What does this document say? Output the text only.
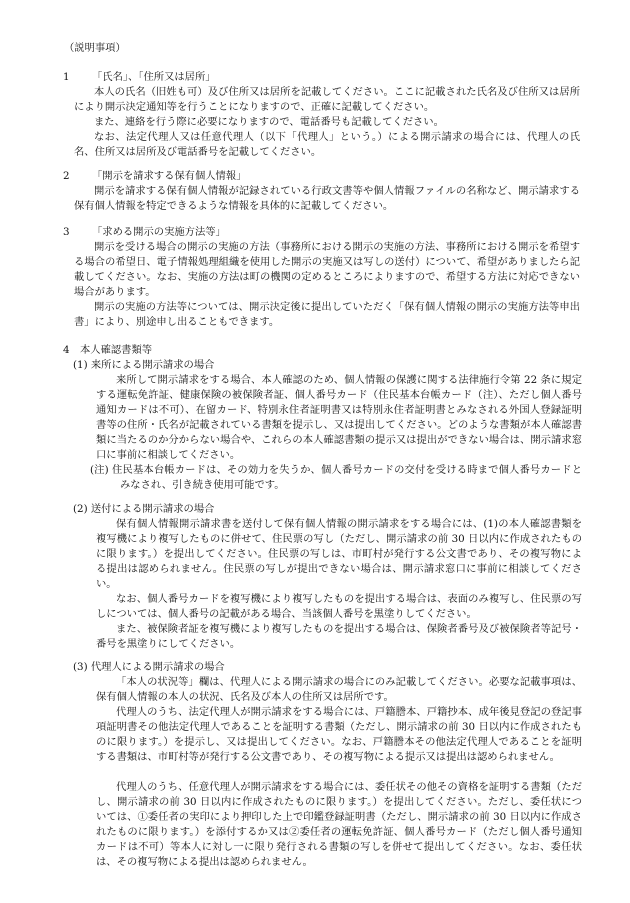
（説明事項）
1 「氏名」、「住所又は居所」
本人の氏名（旧姓も可）及び住所又は居所を記載してください。ここに記載された氏名及び住所又は居所により開示決定通知等を行うことになりますので、正確に記載してください。
また、連絡を行う際に必要になりますので、電話番号も記載してください。
なお、法定代理人又は任意代理人（以下「代理人」という。）による開示請求の場合には、代理人の氏名、住所又は居所及び電話番号を記載してください。
2 「開示を請求する保有個人情報」
開示を請求する保有個人情報が記録されている行政文書等や個人情報ファイルの名称など、開示請求する保有個人情報を特定できるような情報を具体的に記載してください。
3 「求める開示の実施方法等」
開示を受ける場合の開示の実施の方法（事務所における開示の実施の方法、事務所における開示を希望する場合の希望日、電子情報処理組織を使用した開示の実施又は写しの送付）について、希望がありましたら記載してください。なお、実施の方法は町の機関の定めるところによりますので、希望する方法に対応できない場合があります。
開示の実施の方法等については、開示決定後に提出していただく「保有個人情報の開示の実施方法等申出書」により、別途申し出ることもできます。
4 本人確認書類等
(1) 来所による開示請求の場合
来所して開示請求をする場合、本人確認のため、個人情報の保護に関する法律施行令第 22 条に規定する運転免許証、健康保険の被保険者証、個人番号カード（住民基本台帳カード（注）、ただし個人番号通知カードは不可）、在留カード、特別永住者証明書又は特別永住者証明書とみなされる外国人登録証明書等の住所・氏名が記載されている書類を提示し、又は提出してください。どのような書類が本人確認書類に当たるのか分からない場合や、これらの本人確認書類の提示又は提出ができない場合は、開示請求窓口に事前に相談してください。
(注) 住民基本台帳カードは、その効力を失うか、個人番号カードの交付を受ける時まで個人番号カードとみなされ、引き続き使用可能です。
(2) 送付による開示請求の場合
保有個人情報開示請求書を送付して保有個人情報の開示請求をする場合には、(1)の本人確認書類を複写機により複写したものに併せて、住民票の写し（ただし、開示請求の前 30 日以内に作成されたものに限ります。）を提出してください。住民票の写しは、市町村が発行する公文書であり、その複写物による提出は認められません。住民票の写しが提出できない場合は、開示請求窓口に事前に相談してください。
なお、個人番号カードを複写機により複写したものを提出する場合は、表面のみ複写し、住民票の写しについては、個人番号の記載がある場合、当該個人番号を黒塗りしてください。
また、被保険者証を複写機により複写したものを提出する場合は、保険者番号及び被保険者等記号・番号を黒塗りにしてください。
(3) 代理人による開示請求の場合
「本人の状況等」欄は、代理人による開示請求の場合にのみ記載してください。必要な記載事項は、保有個人情報の本人の状況、氏名及び本人の住所又は居所です。
代理人のうち、法定代理人が開示請求をする場合には、戸籍謄本、戸籍抄本、成年後見登記の登記事項証明書その他法定代理人であることを証明する書類（ただし、開示請求の前 30 日以内に作成されたものに限ります。）を提示し、又は提出してください。なお、戸籍謄本その他法定代理人であることを証明する書類は、市町村等が発行する公文書であり、その複写物による提示又は提出は認められません。
代理人のうち、任意代理人が開示請求をする場合には、委任状その他その資格を証明する書類（ただし、開示請求の前 30 日以内に作成されたものに限ります。）を提出してください。ただし、委任状については、①委任者の実印により押印した上で印鑑登録証明書（ただし、開示請求の前 30 日以内に作成されたものに限ります。）を添付するか又は②委任者の運転免許証、個人番号カード（ただし個人番号通知カードは不可）等本人に対し一に限り発行される書類の写しを併せて提出してください。なお、委任状は、その複写物による提出は認められません。
